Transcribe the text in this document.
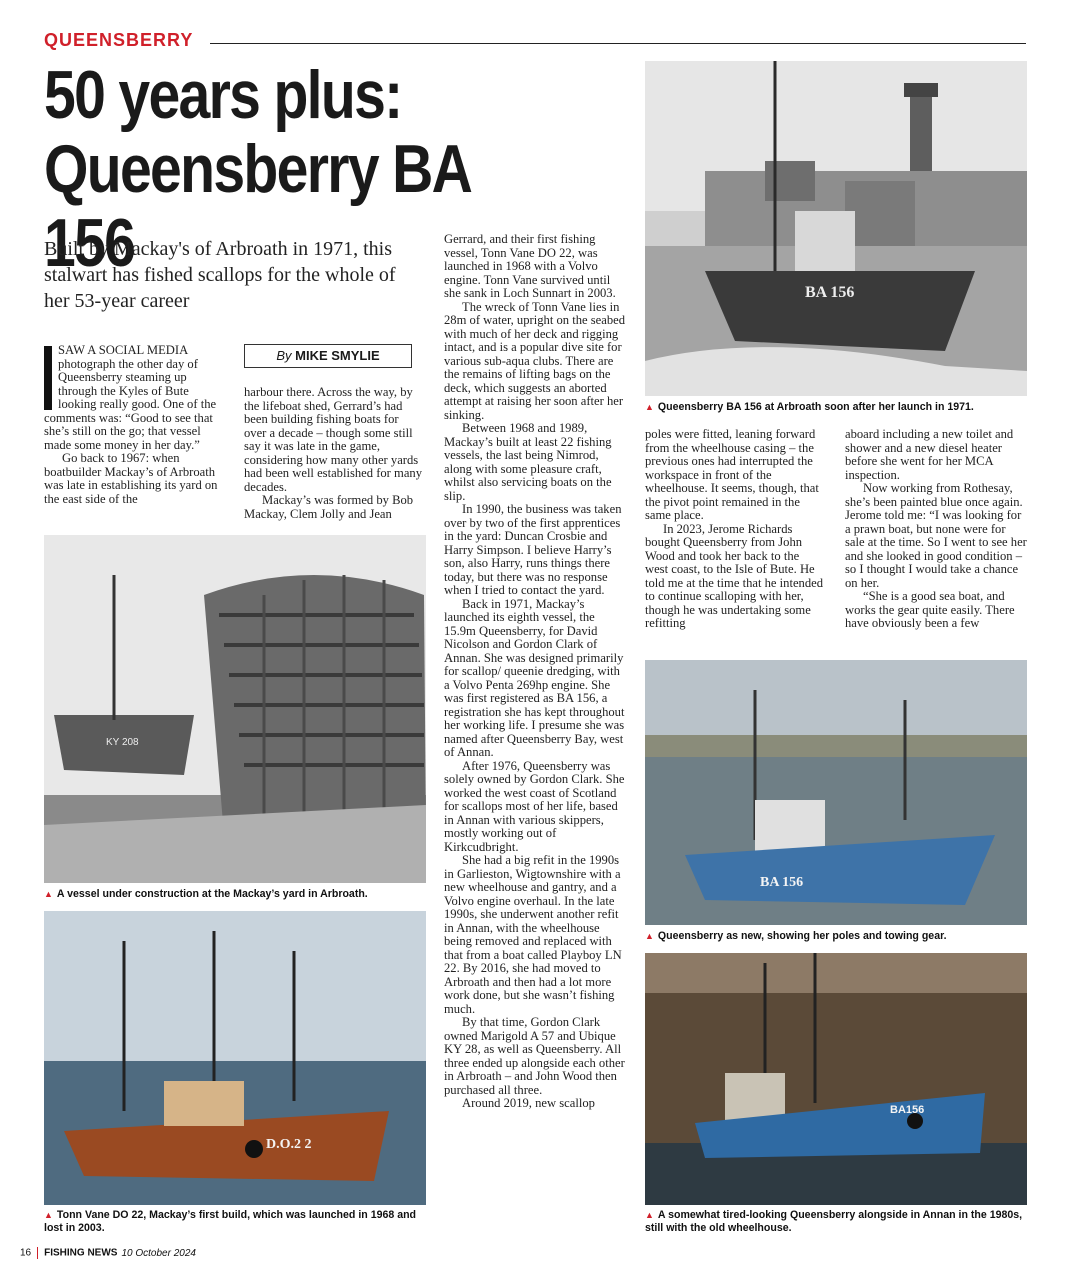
QUEENSBERRY
50 years plus:
Queensberry BA 156
Built by Mackay's of Arbroath in 1971, this stalwart has fished scallops for the whole of her 53-year career
By MIKE SMYLIE

SAW A SOCIAL MEDIA photograph the other day of Queensberry steaming up through the Kyles of Bute looking really good. One of the comments was: “Good to see that she’s still on the go; that vessel made some money in her day.”

Go back to 1967: when boatbuilder Mackay’s of Arbroath was late in establishing its yard on the east side of the

harbour there. Across the way, by the lifeboat shed, Gerrard’s had been building fishing boats for over a decade – though some still say it was late in the game, considering how many other yards had been well established for many decades.

Mackay’s was formed by Bob Mackay, Clem Jolly and Jean

Gerrard, and their first fishing vessel, Tonn Vane DO 22, was launched in 1968 with a Volvo engine. Tonn Vane survived until she sank in Loch Sunnart in 2003.

The wreck of Tonn Vane lies in 28m of water, upright on the seabed with much of her deck and rigging intact, and is a popular dive site for various sub-aqua clubs. There are the remains of lifting bags on the deck, which suggests an aborted attempt at raising her soon after her sinking.

Between 1968 and 1989, Mackay’s built at least 22 fishing vessels, the last being Nimrod, along with some pleasure craft, whilst also servicing boats on the slip.

In 1990, the business was taken over by two of the first apprentices in the yard: Duncan Crosbie and Harry Simpson. I believe Harry’s son, also Harry, runs things there today, but there was no response when I tried to contact the yard.

Back in 1971, Mackay’s launched its eighth vessel, the 15.9m Queensberry, for David Nicolson and Gordon Clark of Annan. She was designed primarily for scallop/ queenie dredging, with a Volvo Penta 269hp engine. She was first registered as BA 156, a registration she has kept throughout her working life. I presume she was named after Queensberry Bay, west of Annan.

After 1976, Queensberry was solely owned by Gordon Clark. She worked the west coast of Scotland for scallops most of her life, based in Annan with various skippers, mostly working out of Kirkcudbright.

She had a big refit in the 1990s in Garlieston, Wigtownshire with a new wheelhouse and gantry, and a Volvo engine overhaul. In the late 1990s, she underwent another refit in Annan, with the wheelhouse being removed and replaced with that from a boat called Playboy LN 22. By 2016, she had moved to Arbroath and then had a lot more work done, but she wasn’t fishing much.

By that time, Gordon Clark owned Marigold A 57 and Ubique KY 28, as well as Queensberry. All three ended up alongside each other in Arbroath – and John Wood then purchased all three.

Around 2019, new scallop

poles were fitted, leaning forward from the wheelhouse casing – the previous ones had interrupted the workspace in front of the wheelhouse. It seems, though, that the pivot point remained in the same place.

In 2023, Jerome Richards bought Queensberry from John Wood and took her back to the west coast, to the Isle of Bute. He told me at the time that he intended to continue scalloping with her, though he was undertaking some refitting

aboard including a new toilet and shower and a new diesel heater before she went for her MCA inspection.

Now working from Rothesay, she’s been painted blue once again. Jerome told me: “I was looking for a prawn boat, but none were for sale at the time. So I went to see her and she looked in good condition – so I thought I would take a chance on her.

“She is a good sea boat, and works the gear quite easily. There have obviously been a few

BA 156
▲ Queensberry BA 156 at Arbroath soon after her launch in 1971.
KY 208
▲ A vessel under construction at the Mackay’s yard in Arbroath.
D.O.2 2
▲ Tonn Vane DO 22, Mackay’s first build, which was launched in 1968 and lost in 2003.
BA 156
▲ Queensberry as new, showing her poles and towing gear.
BA156
▲ A somewhat tired-looking Queensberry alongside in Annan in the 1980s, still with the old wheelhouse.
16 FISHING NEWS 10 October 2024
